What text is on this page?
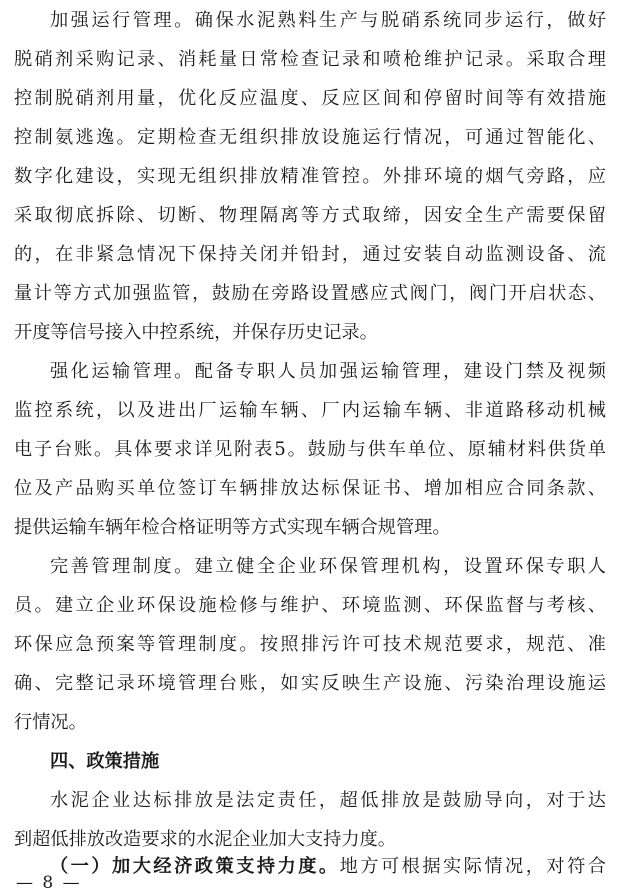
加强运行管理。确保水泥熟料生产与脱硝系统同步运行，做好
脱硝剂采购记录、消耗量日常检查记录和喷枪维护记录。采取合理
控制脱硝剂用量，优化反应温度、反应区间和停留时间等有效措施
控制氨逃逸。定期检查无组织排放设施运行情况，可通过智能化、
数字化建设，实现无组织排放精准管控。外排环境的烟气旁路，应
采取彻底拆除、切断、物理隔离等方式取缔，因安全生产需要保留
的，在非紧急情况下保持关闭并铅封，通过安装自动监测设备、流
量计等方式加强监管，鼓励在旁路设置感应式阀门，阀门开启状态、
开度等信号接入中控系统，并保存历史记录。
强化运输管理。配备专职人员加强运输管理，建设门禁及视频
监控系统，以及进出厂运输车辆、厂内运输车辆、非道路移动机械
电子台账。具体要求详见附表5。鼓励与供车单位、原辅材料供货单
位及产品购买单位签订车辆排放达标保证书、增加相应合同条款、
提供运输车辆年检合格证明等方式实现车辆合规管理。
完善管理制度。建立健全企业环保管理机构，设置环保专职人
员。建立企业环保设施检修与维护、环境监测、环保监督与考核、
环保应急预案等管理制度。按照排污许可技术规范要求，规范、准
确、完整记录环境管理台账，如实反映生产设施、污染治理设施运
行情况。
四、政策措施
水泥企业达标排放是法定责任，超低排放是鼓励导向，对于达
到超低排放改造要求的水泥企业加大支持力度。
（一）加大经济政策支持力度。地方可根据实际情况，对符合
— 8 —
